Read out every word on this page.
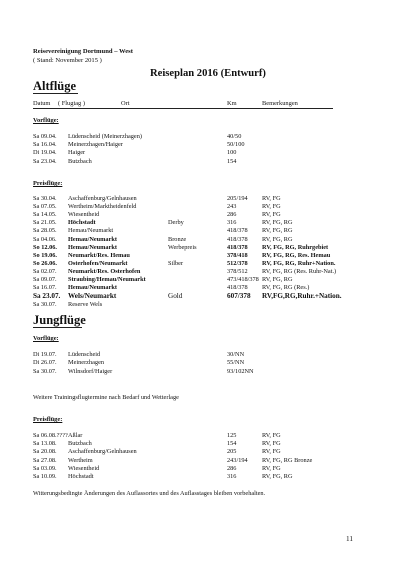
Reisevereinigung Dortmund – West
( Stand: November 2015 )
Reiseplan 2016 (Entwurf)
Altflüge
Datum ( Flugtag )	Ort	Km	Bemerkungen
Vorflüge:
Sa 09.04. Lüdenscheid (Meinerzhagen)	40/50
Sa 16.04. Meinerzhagen/Haiger	50/100
Di 19.04. Haiger	100
Sa 23.04. Butzbach	154
Preisflüge:
Sa 30.04. Aschaffenburg/Gelnhausen	205/194 RV, FG
Sa 07.05. Wertheim/Marktheidenfeld	243	RV, FG
Sa 14.05. Wiesentheid	286	RV, FG
Sa 21.05. Höchstadt	Derby	316	RV, FG, RG
Sa 28.05. Hemau/Neumarkt	418/378 RV, FG, RG
Sa 04.06. Hemau/Neumarkt	Bronze	418/378 RV, FG, RG
So 12.06. Hemau/Neumarkt	Werbepreis	418/378 RV, FG, RG, Ruhrgebiet
So 19.06. Neumarkt/Res. Hemau	378/418 RV, FG, RG, Res. Hemau
So 26.06. Osterhofen/Neumarkt	Silber	512/378 RV, FG, RG, Ruhr+Nation.
Sa 02.07. Neumarkt/Res. Osterhofen	378/512 RV, FG, RG (Res. Ruhr-Nat.)
Sa 09.07. Straubing/Hemau/Neumarkt	473/418/378 RV, FG, RG
Sa 16.07. Hemau/Neumarkt	418/378 RV, FG, RG (Res.)
Sa 23.07. Wels/Neumarkt	Gold	607/378 RV,FG,RG,Ruhr.+Nation.
Sa 30.07. Reserve Wels
Jungflüge
Vorflüge:
Di 19.07. Lüdenscheid	30/NN
Di 26.07. Meinerzhagen	55/NN
Sa 30.07. Wilnsdorf/Haiger	93/102NN
Weitere Trainingsflugtermine nach Bedarf und Wetterlage
Preisflüge:
Sa 06.08.???? Aßlar	125	RV, FG
Sa 13.08. Butzbach	154	RV, FG
Sa 20.08. Aschaffenburg/Gelnhausen	205	RV, FG
Sa 27.08. Wertheim	243/194 RV, FG, RG Bronze
Sa 03.09. Wiesentheid	286	RV, FG
Sa 10.09. Höchstadt	316	RV, FG, RG
Witterungsbedingte Änderungen des Auflassortes und des Auflasstages bleiben vorbehalten.
11
